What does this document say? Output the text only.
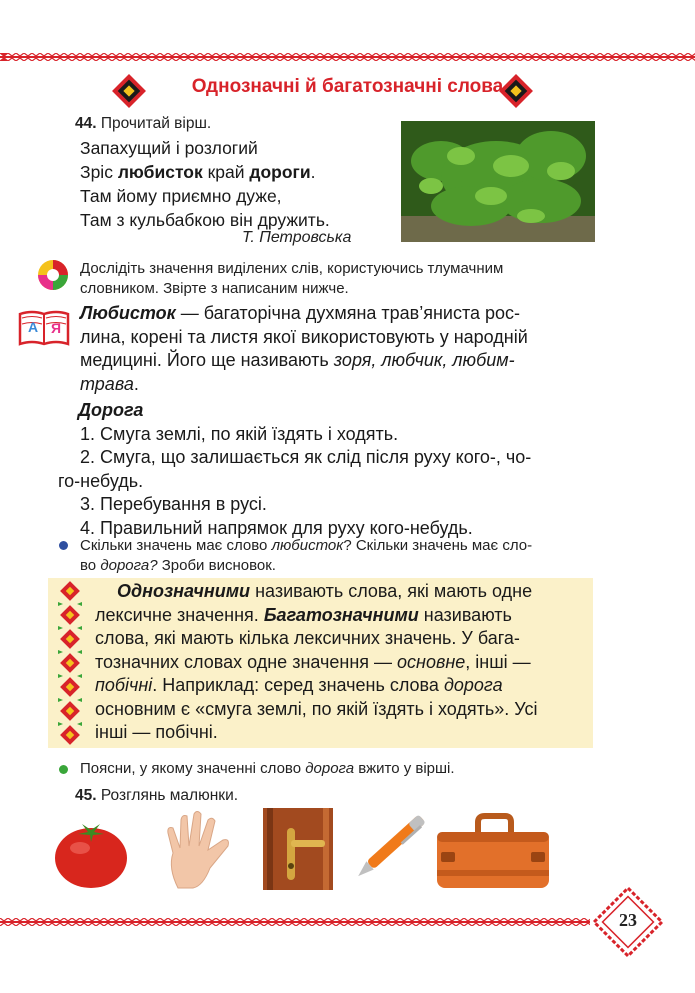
Однозначні й багатозначні слова
44. Прочитай вірш.
Запахущий і розлогий
Зріс любисток край дороги.
Там йому приємно дуже,
Там з кульбабкою він дружить.
Т. Петровська
Дослідіть значення виділених слів, користуючись тлумачним
словником. Звірте з написаним нижче.
А Я
Любисток — багаторічна духмяна трав’яниста рос-
лина, корені та листя якої використовують у народній
медицині. Його ще називають зоря, любчик, любим-
трава.
Дорога
1. Смуга землі, по якій їздять і ходять.
2. Смуга, що залишається як слід після руху кого-, чо-
го-небудь.
3. Перебування в русі.
4. Правильний напрямок для руху кого-небудь.
Скільки значень має слово любисток? Скільки значень має сло-
во дорога? Зроби висновок.
Однозначними називають слова, які мають одне
лексичне значення. Багатозначними називають
слова, які мають кілька лексичних значень. У бага-
тозначних словах одне значення — основне, інші —
побічні. Наприклад: серед значень слова дорога
основним є «смуга землі, по якій їздять і ходять». Усі
інші — побічні.
Поясни, у якому значенні слово дорога вжито у вірші.
45. Розглянь малюнки.
23
